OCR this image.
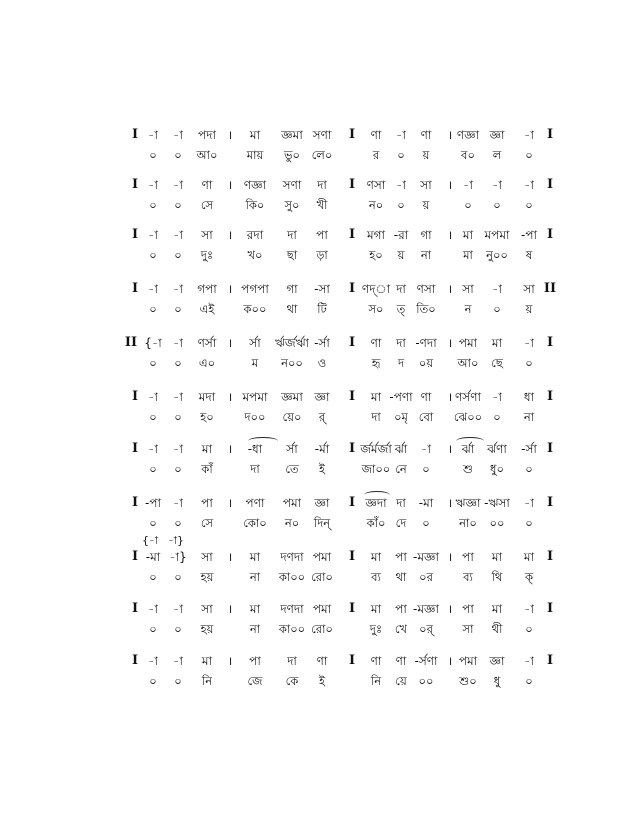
I -া -া পদা । মা জ্ঞমা সণা I ণা -া ণা । ণজ্ঞা জ্ঞা -া I
০ ০ আ০	মায় ভু০ লে০	র ০ য়	ব০ ল ০
I -া -া ণা । ণজ্ঞা সণা দা I ণসা -া সা । -া -া -া I
০ ০ সে	কি০ সু০ খী	ন০ ০ য়	০ ০ ০
I -া -া সা । রদা দা পা I মগা -রা গা । মা মপমা -পা I
০ ০ দুঃ	খ০ ছা ড়া	হ০ য় না	মা নু০০ ষ
I -া -া গপা । পগপা গা -সা I ণদ্‌া দা ণসা । সা -া সা II
০ ০ এই	ক০০ থা টি	স০ ত্ তি০	ন ০ য়
II {-া -া ণর্সা । র্সা র্ঋর্জর্ঋা -র্সা I ণা দা -ণদা । পমা মা -া I
০ ০ এ০	ম ন০০ ও	হৃ দ ০য় আ০ ছে ০
I -া -া মদা । মপমা জ্ঞমা জ্ঞা I মা -পণা ণা । ণর্সণা -া ধা I
০ ০ হ০	দ০০ য়ে০ র্	দা ০মৃ বো ঝে০০ ০ না
I -া -া মা । -ধা র্সা -র্মা I র্জর্মর্জা র্ঝা -া । র্ঝা র্ঝণা -র্সা I
০ ০ কাঁ	দা তে ই	জা০০ নে ০	শু ধু০ ০
I -পা -া পা । পণা পমা জ্ঞা I জ্ঞদা দা -মা । ঋজ্ঞা -ঋসা -া I
০ ০ সে	কো০ ন০ দিন্	কাঁ০ দে ০	না০ ০০ ০
{-া -া}
I -মা -া} সা । মা দণদা পমা I মা পা -মজ্ঞা । পা মা মা I
০ ০ হয়	না কা০০ রো০	ব্য থা ০র	ব্য থি ক্
I -া -া সা । মা দণদা পমা I মা পা -মজ্ঞা । পা মা -া I
০ ০ হয়	না কা০০ রো০	দুঃ খে ০র্	সা থী ০
I -া -া মা । পা দা ণা I ণা ণা -র্সণা । পমা জ্ঞা -া I
০ ০ নি	জে কে ই	নি য়ে ০০ শু০ ধু ০
